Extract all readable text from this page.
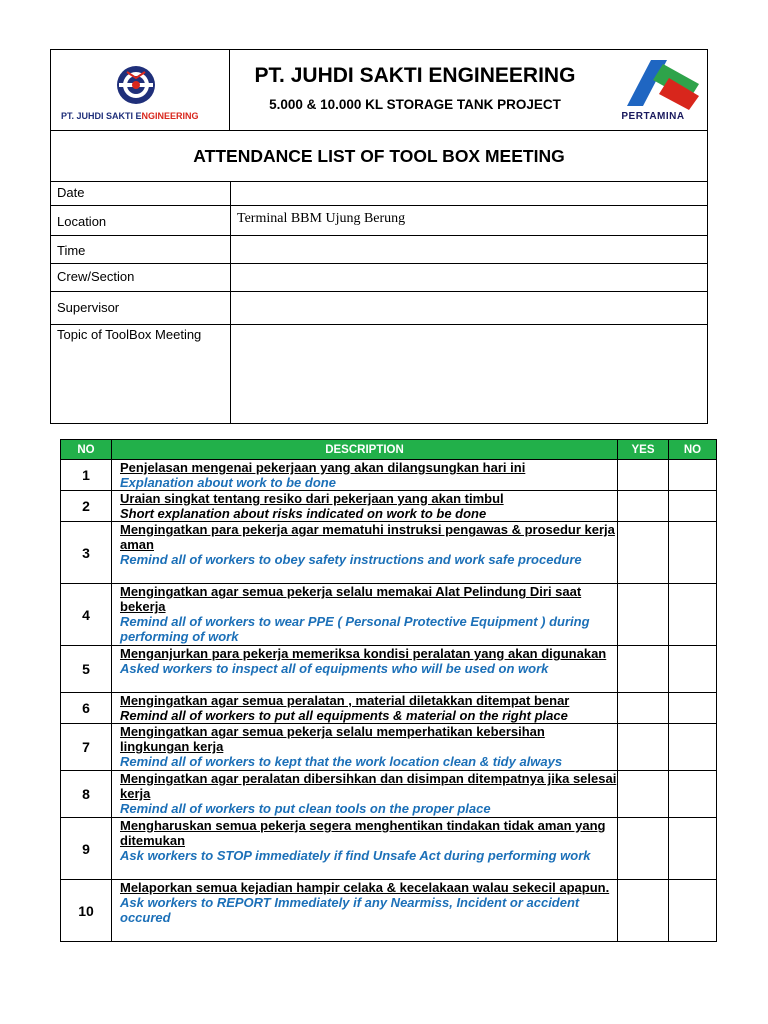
PT. JUHDI SAKTI ENGINEERING
PT. JUHDI SAKTI ENGINEERING
5.000 & 10.000 KL STORAGE TANK PROJECT
PERTAMINA
ATTENDANCE LIST OF TOOL BOX MEETING
Date
Location	Terminal BBM Ujung Berung
Time
Crew/Section
Supervisor
Topic of ToolBox Meeting
NO	DESCRIPTION	YES	NO
1	Penjelasan mengenai pekerjaan yang akan dilangsungkan hari ini
Explanation about work to be done		

2	Uraian singkat tentang resiko dari pekerjaan yang akan timbul
Short explanation about risks indicated on work to be done		

3	Mengingatkan para pekerja agar mematuhi instruksi pengawas & prosedur kerja aman
Remind all of workers to obey safety instructions and work safe procedure		

4	Mengingatkan agar semua pekerja selalu memakai Alat Pelindung Diri saat bekerja
Remind all of workers to wear PPE ( Personal Protective Equipment ) during performing of work		

5	Menganjurkan para pekerja memeriksa kondisi peralatan yang akan digunakan
Asked workers to inspect all of equipments who will be used on work		

6	Mengingatkan agar semua peralatan , material diletakkan ditempat benar
Remind all of workers to put all equipments & material on the right place		

7	Mengingatkan agar semua pekerja selalu memperhatikan kebersihan lingkungan kerja
Remind all of workers to kept that the work location clean & tidy always		

8	Mengingatkan agar peralatan dibersihkan dan disimpan ditempatnya jika selesai kerja
Remind all of workers to put clean tools on the proper place		

9	Mengharuskan semua pekerja segera menghentikan tindakan tidak aman yang ditemukan
Ask workers to STOP immediately if find Unsafe Act during performing work		

10	Melaporkan semua kejadian hampir celaka & kecelakaan walau sekecil apapun.
Ask workers to REPORT Immediately if any Nearmiss, Incident or accident occured		
